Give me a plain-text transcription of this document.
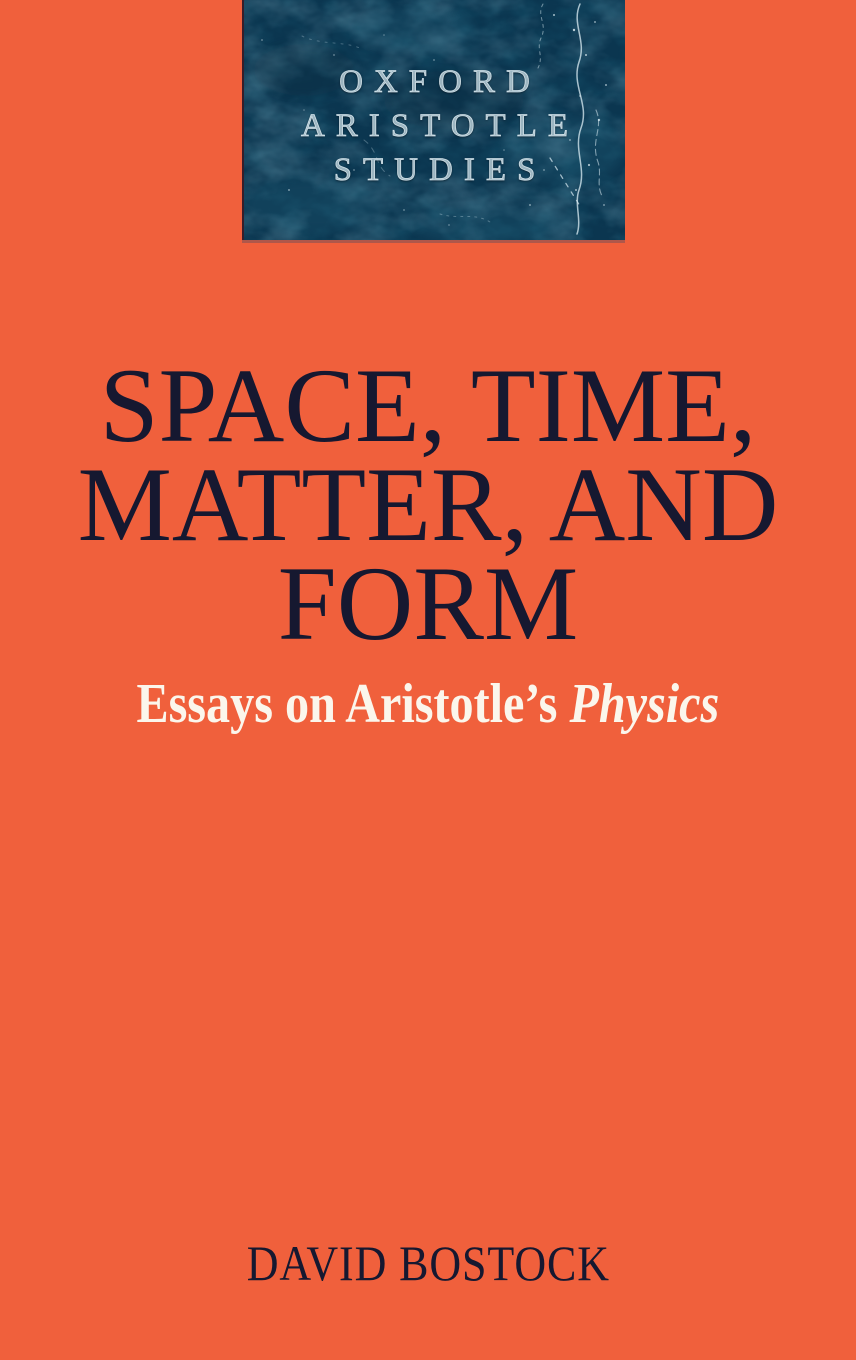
OXFORD
ARISTOTLE
STUDIES
SPACE, TIME,
MATTER, AND
FORM
Essays on Aristotle’s Physics
DAVID BOSTOCK
